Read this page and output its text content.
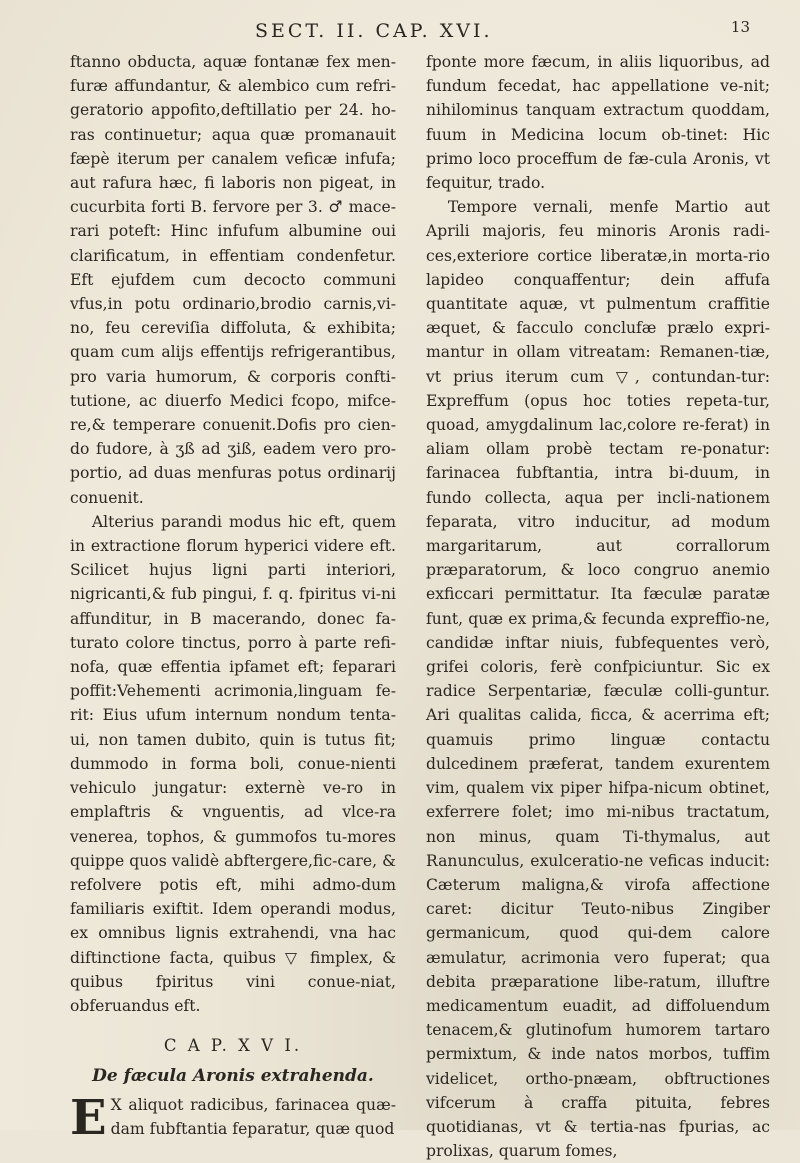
SECT. II. CAP. XVI.	13

ftanno obducta, aquæ fontanæ fex men-furæ affundantur, & alembico cum refri-geratorio appofito,deftillatio per 24. ho-ras continuetur; aqua quæ promanauit fæpè iterum per canalem veficæ infufa; aut rafura hæc, fi laboris non pigeat, in cucurbita forti B. fervore per 3. ♂ mace-rari poteft: Hinc infufum albumine oui clarificatum, in effentiam condenfetur. Eft ejufdem cum decocto communi vfus,in potu ordinario,brodio carnis,vi-no, feu cereviſia diffoluta, & exhibita; quam cum alijs effentijs refrigerantibus, pro varia humorum, & corporis confti-tutione, ac diuerfo Medici fcopo, mifce-re,& temperare conuenit.Dofis pro cien-do fudore, à ʒß ad ʒiß, eadem vero pro-portio, ad duas menfuras potus ordinarij conuenit.

Alterius parandi modus hic eft, quem in extractione florum hyperici videre eft. Scilicet hujus ligni parti interiori, nigricanti,& fub pingui, f. q. fpiritus vi-ni affunditur, in B macerando, donec fa-turato colore tinctus, porro à parte refi-nofa, quæ effentia ipfamet eft; feparari poffit:Vehementi acrimonia,linguam fe-rit: Eius ufum internum nondum tenta-ui, non tamen dubito, quin is tutus fit; dummodo in forma boli, conue-nienti vehiculo jungatur: externè ve-ro in emplaftris & vnguentis, ad vlce-ra venerea, tophos, & gummofos tu-mores quippe quos validè abftergere,fic-care, & refolvere potis eft, mihi admo-dum familiaris exiftit. Idem operandi modus, ex omnibus lignis extrahendi, vna hac diftinctione facta, quibus ▽ fimplex, & quibus fpiritus vini conue-niat, obferuandus eft.

C A P. X V I.
De fæcula Aronis extrahenda.

E X aliquot radicibus, farinacea quæ-dam fubftantia feparatur, quæ quod

fponte more fæcum, in aliis liquoribus, ad fundum fecedat, hac appellatione ve-nit; nihilominus tanquam extractum quoddam, fuum in Medicina locum ob-tinet: Hic primo loco proceffum de fæ-cula Aronis, vt fequitur, trado.

Tempore vernali, menfe Martio aut Aprili majoris, feu minoris Aronis radi-ces,exteriore cortice liberatæ,in morta-rio lapideo conquaffentur; dein affufa quantitate aquæ, vt pulmentum craffitie æquet, & facculo conclufæ prælo expri-mantur in ollam vitreatam: Remanen-tiæ, vt prius iterum cum ▽, contundan-tur: Expreffum (opus hoc toties repeta-tur, quoad, amygdalinum lac,colore re-ferat) in aliam ollam probè tectam re-ponatur: farinacea fubftantia, intra bi-duum, in fundo collecta, aqua per incli-nationem feparata, vitro inducitur, ad modum margaritarum, aut corrallorum præparatorum, & loco congruo anemio exficcari permittatur. Ita fæculæ paratæ funt, quæ ex prima,& fecunda expreffio-ne, candidæ inftar niuis, fubfequentes verò, grifei coloris, ferè confpiciuntur. Sic ex radice Serpentariæ, fæculæ colli-guntur. Ari qualitas calida, ficca, & acerrima eft; quamuis primo linguæ contactu dulcedinem præferat, tandem exurentem vim, qualem vix piper hifpa-nicum obtinet, exferrere folet; imo mi-nibus tractatum, non minus, quam Ti-thymalus, aut Ranunculus, exulceratio-ne veficas inducit: Cæterum maligna,& virofa affectione caret: dicitur Teuto-nibus Zingiber germanicum, quod qui-dem calore æmulatur, acrimonia vero fuperat; qua debita præparatione libe-ratum, illuftre medicamentum euadit, ad diffoluendum tenacem,& glutinofum humorem tartaro permixtum, & inde natos morbos, tuffim videlicet, ortho-pnæam, obftructiones vifcerum à craffa pituita, febres quotidianas, vt & tertia-nas fpurias, ac prolixas, quarum fomes,
